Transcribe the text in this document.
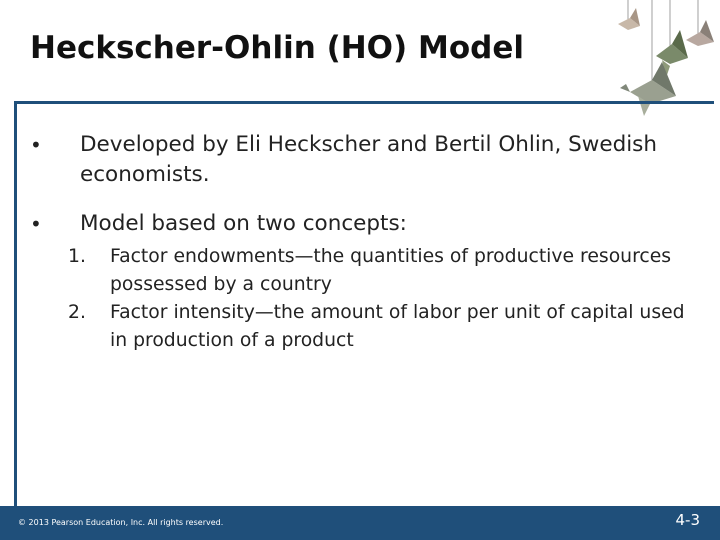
Heckscher-Ohlin (HO) Model
•	Developed by Eli Heckscher and Bertil Ohlin, Swedish economists.
•	Model based on two concepts:
1. Factor endowments—the quantities of productive resources possessed by a country
2. Factor intensity—the amount of labor per unit of capital used in production of a product
© 2013 Pearson Education, Inc. All rights reserved.	4-3
